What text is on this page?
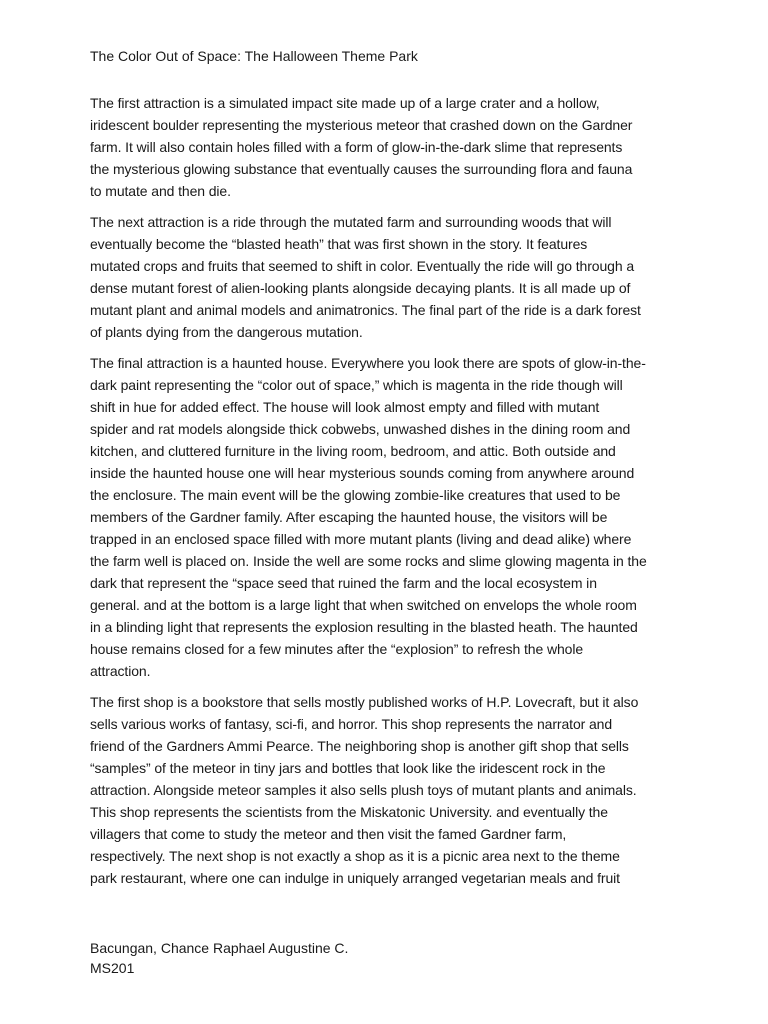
The Color Out of Space: The Halloween Theme Park

The first attraction is a simulated impact site made up of a large crater and a hollow,
iridescent boulder representing the mysterious meteor that crashed down on the Gardner
farm. It will also contain holes filled with a form of glow-in-the-dark slime that represents
the mysterious glowing substance that eventually causes the surrounding flora and fauna
to mutate and then die.

The next attraction is a ride through the mutated farm and surrounding woods that will
eventually become the “blasted heath” that was first shown in the story. It features
mutated crops and fruits that seemed to shift in color. Eventually the ride will go through a
dense mutant forest of alien-looking plants alongside decaying plants. It is all made up of
mutant plant and animal models and animatronics. The final part of the ride is a dark forest
of plants dying from the dangerous mutation.

The final attraction is a haunted house. Everywhere you look there are spots of glow-in-the-
dark paint representing the “color out of space,” which is magenta in the ride though will
shift in hue for added effect. The house will look almost empty and filled with mutant
spider and rat models alongside thick cobwebs, unwashed dishes in the dining room and
kitchen, and cluttered furniture in the living room, bedroom, and attic. Both outside and
inside the haunted house one will hear mysterious sounds coming from anywhere around
the enclosure. The main event will be the glowing zombie-like creatures that used to be
members of the Gardner family. After escaping the haunted house, the visitors will be
trapped in an enclosed space filled with more mutant plants (living and dead alike) where
the farm well is placed on. Inside the well are some rocks and slime glowing magenta in the
dark that represent the “space seed that ruined the farm and the local ecosystem in
general. and at the bottom is a large light that when switched on envelops the whole room
in a blinding light that represents the explosion resulting in the blasted heath. The haunted
house remains closed for a few minutes after the “explosion” to refresh the whole
attraction.

The first shop is a bookstore that sells mostly published works of H.P. Lovecraft, but it also
sells various works of fantasy, sci-fi, and horror. This shop represents the narrator and
friend of the Gardners Ammi Pearce. The neighboring shop is another gift shop that sells
“samples” of the meteor in tiny jars and bottles that look like the iridescent rock in the
attraction. Alongside meteor samples it also sells plush toys of mutant plants and animals.
This shop represents the scientists from the Miskatonic University. and eventually the
villagers that come to study the meteor and then visit the famed Gardner farm,
respectively. The next shop is not exactly a shop as it is a picnic area next to the theme
park restaurant, where one can indulge in uniquely arranged vegetarian meals and fruit

Bacungan, Chance Raphael Augustine C.
MS201
